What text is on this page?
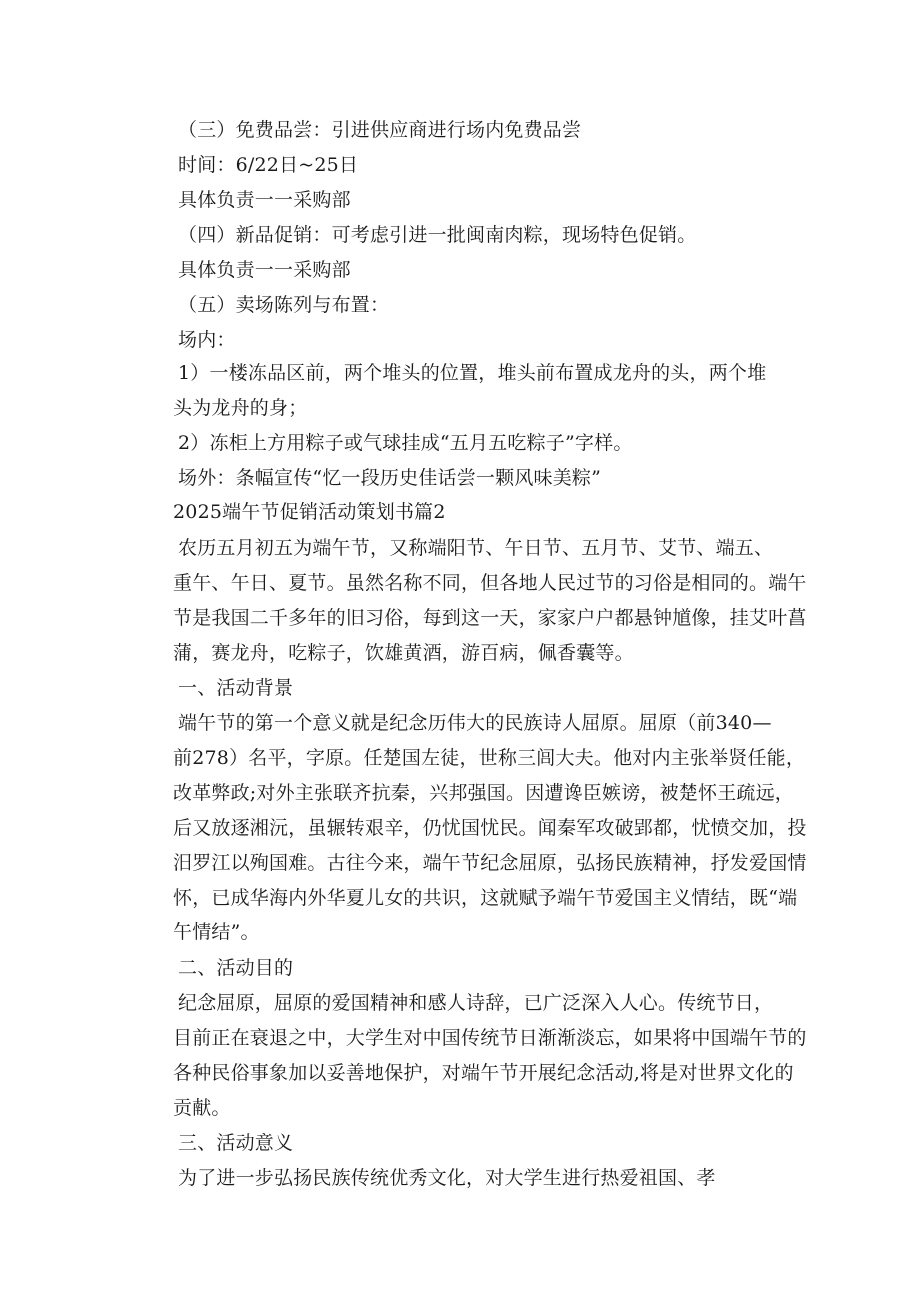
（三）免费品尝：引进供应商进行场内免费品尝
时间：6/22日~25日
具体负责一一采购部
（四）新品促销：可考虑引进一批闽南肉粽，现场特色促销。
具体负责一一采购部
（五）卖场陈列与布置：
场内：
1）一楼冻品区前，两个堆头的位置，堆头前布置成龙舟的头，两个堆
头为龙舟的身；
2）冻柜上方用粽子或气球挂成“五月五吃粽子”字样。
场外：条幅宣传“忆一段历史佳话尝一颗风味美粽”
2025端午节促销活动策划书篇2
农历五月初五为端午节，又称端阳节、午日节、五月节、艾节、端五、
重午、午日、夏节。虽然名称不同，但各地人民过节的习俗是相同的。端午
节是我国二千多年的旧习俗，每到这一天，家家户户都悬钟馗像，挂艾叶菖
蒲，赛龙舟，吃粽子，饮雄黄酒，游百病，佩香囊等。
一、活动背景
端午节的第一个意义就是纪念历伟大的民族诗人屈原。屈原（前340—
前278）名平，字原。任楚国左徒，世称三闾大夫。他对内主张举贤任能，
改革弊政;对外主张联齐抗秦，兴邦强国。因遭谗臣嫉谤，被楚怀王疏远，
后又放逐湘沅，虽辗转艰辛，仍忧国忧民。闻秦军攻破郢都，忧愤交加，投
汨罗江以殉国难。古往今来，端午节纪念屈原，弘扬民族精神，抒发爱国情
怀，已成华海内外华夏儿女的共识，这就赋予端午节爱国主义情结，既“端
午情结”。
二、活动目的
纪念屈原，屈原的爱国精神和感人诗辞，已广泛深入人心。传统节日，
目前正在衰退之中，大学生对中国传统节日渐渐淡忘，如果将中国端午节的
各种民俗事象加以妥善地保护，对端午节开展纪念活动,将是对世界文化的
贡献。
三、活动意义
为了进一步弘扬民族传统优秀文化，对大学生进行热爱祖国、孝
